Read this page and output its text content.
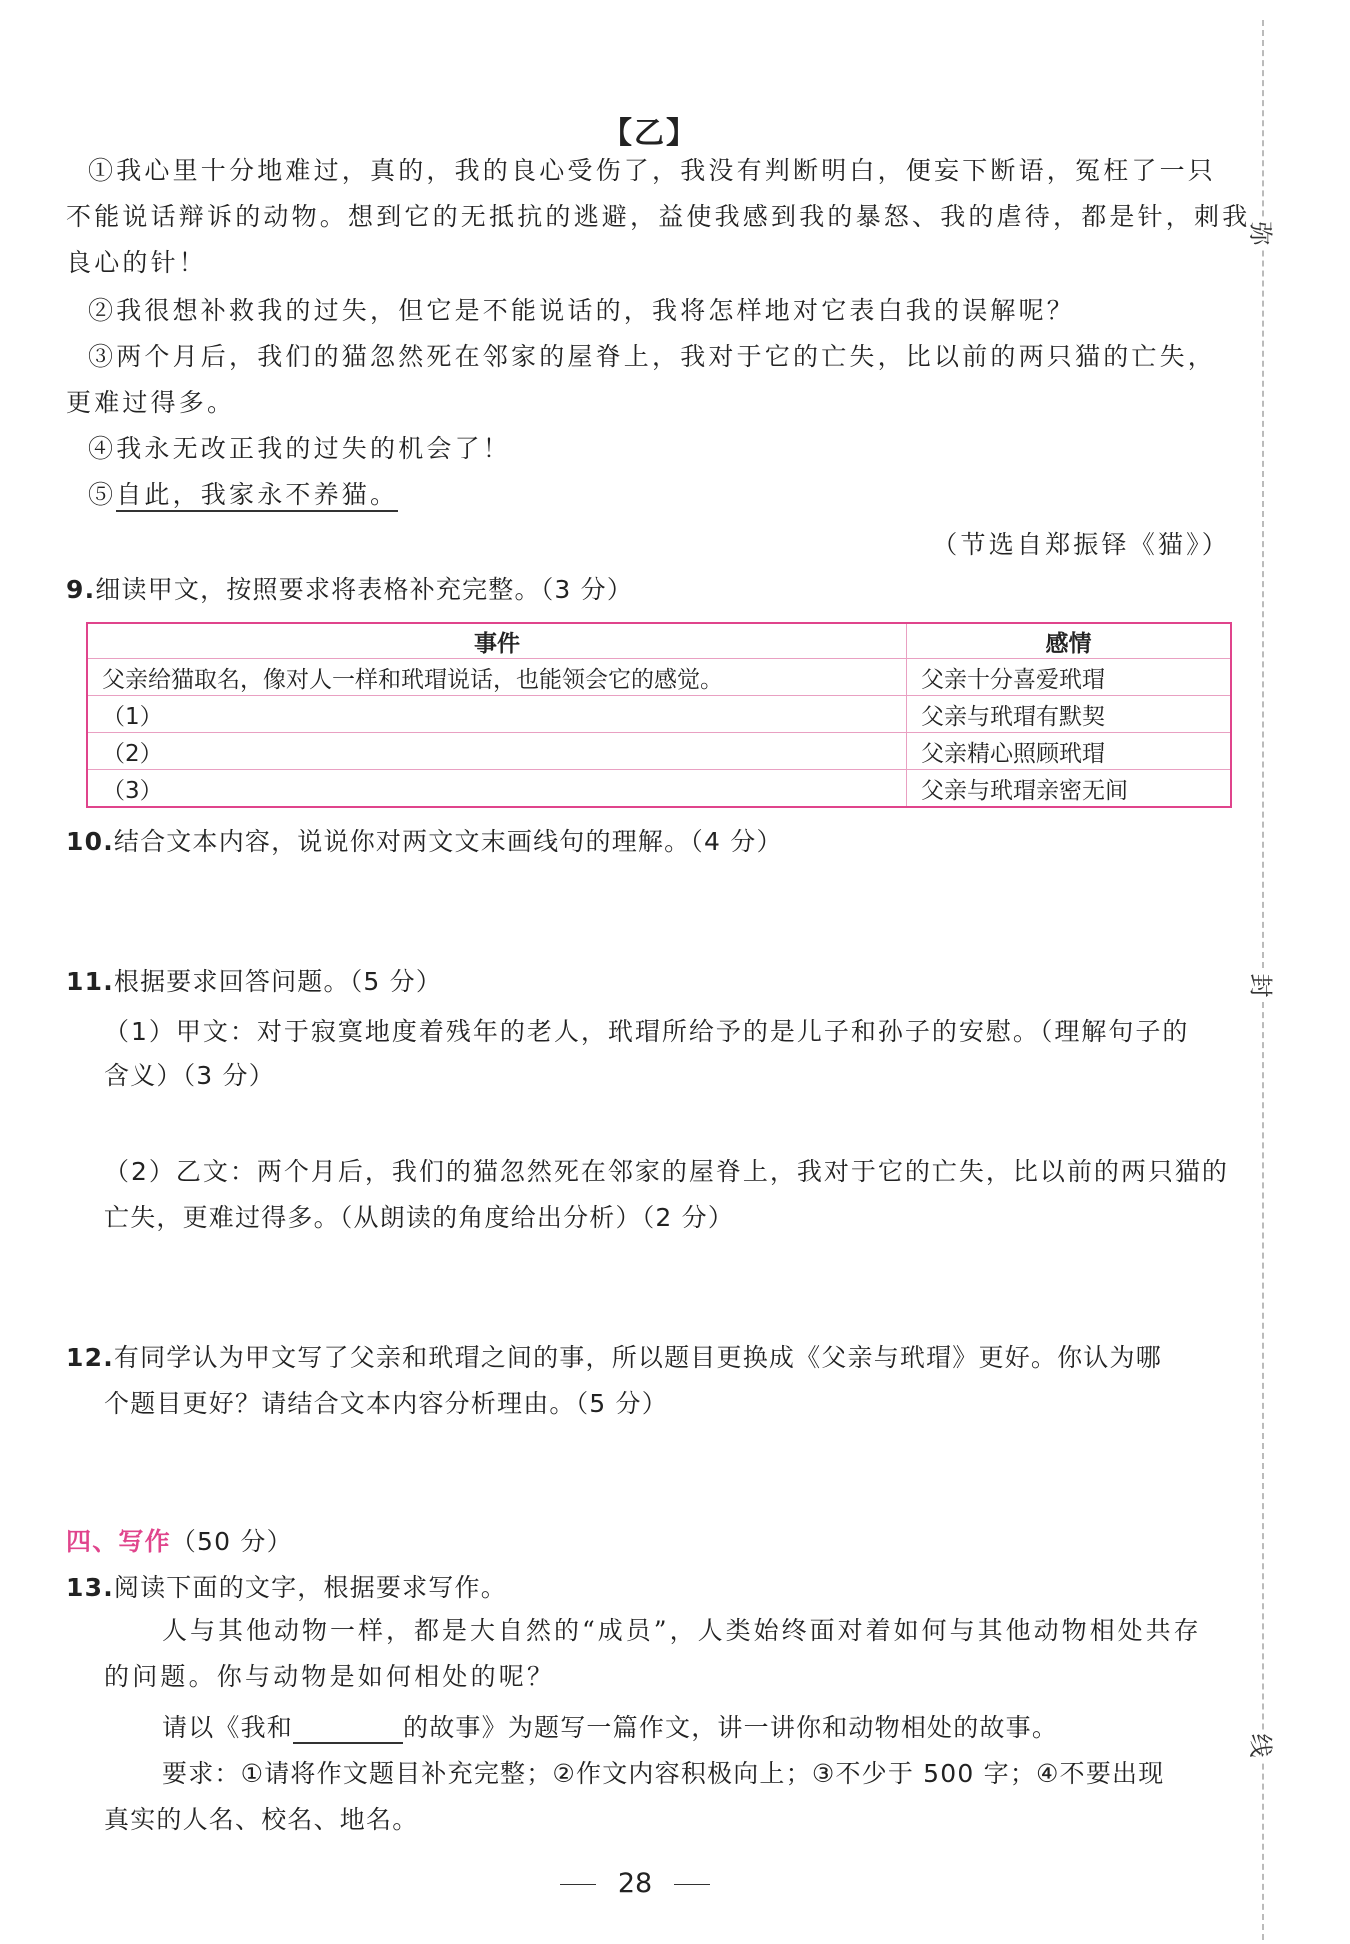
弥
封
线
【乙】
①我心里十分地难过，真的，我的良心受伤了，我没有判断明白，便妄下断语，冤枉了一只
不能说话辩诉的动物。想到它的无抵抗的逃避，益使我感到我的暴怒、我的虐待，都是针，刺我
良心的针！
②我很想补救我的过失，但它是不能说话的，我将怎样地对它表白我的误解呢？
③两个月后，我们的猫忽然死在邻家的屋脊上，我对于它的亡失，比以前的两只猫的亡失，
更难过得多。
④我永无改正我的过失的机会了！
⑤自此，我家永不养猫。
（节选自郑振铎《猫》）
9.细读甲文，按照要求将表格补充完整。（3 分）
事件	感情
父亲给猫取名，像对人一样和玳瑁说话，也能领会它的感觉。	父亲十分喜爱玳瑁
（1）	父亲与玳瑁有默契
（2）	父亲精心照顾玳瑁
（3）	父亲与玳瑁亲密无间
10.结合文本内容，说说你对两文文末画线句的理解。（4 分）
11.根据要求回答问题。（5 分）
（1）甲文：对于寂寞地度着残年的老人，玳瑁所给予的是儿子和孙子的安慰。（理解句子的
含义）（3 分）
（2）乙文：两个月后，我们的猫忽然死在邻家的屋脊上，我对于它的亡失，比以前的两只猫的
亡失，更难过得多。（从朗读的角度给出分析）（2 分）
12.有同学认为甲文写了父亲和玳瑁之间的事，所以题目更换成《父亲与玳瑁》更好。你认为哪
个题目更好？请结合文本内容分析理由。（5 分）
四、写作（50 分）
13.阅读下面的文字，根据要求写作。
人与其他动物一样，都是大自然的“成员”，人类始终面对着如何与其他动物相处共存
的问题。你与动物是如何相处的呢？
请以《我和	的故事》为题写一篇作文，讲一讲你和动物相处的故事。
要求：①请将作文题目补充完整；②作文内容积极向上；③不少于 500 字；④不要出现
真实的人名、校名、地名。
28
